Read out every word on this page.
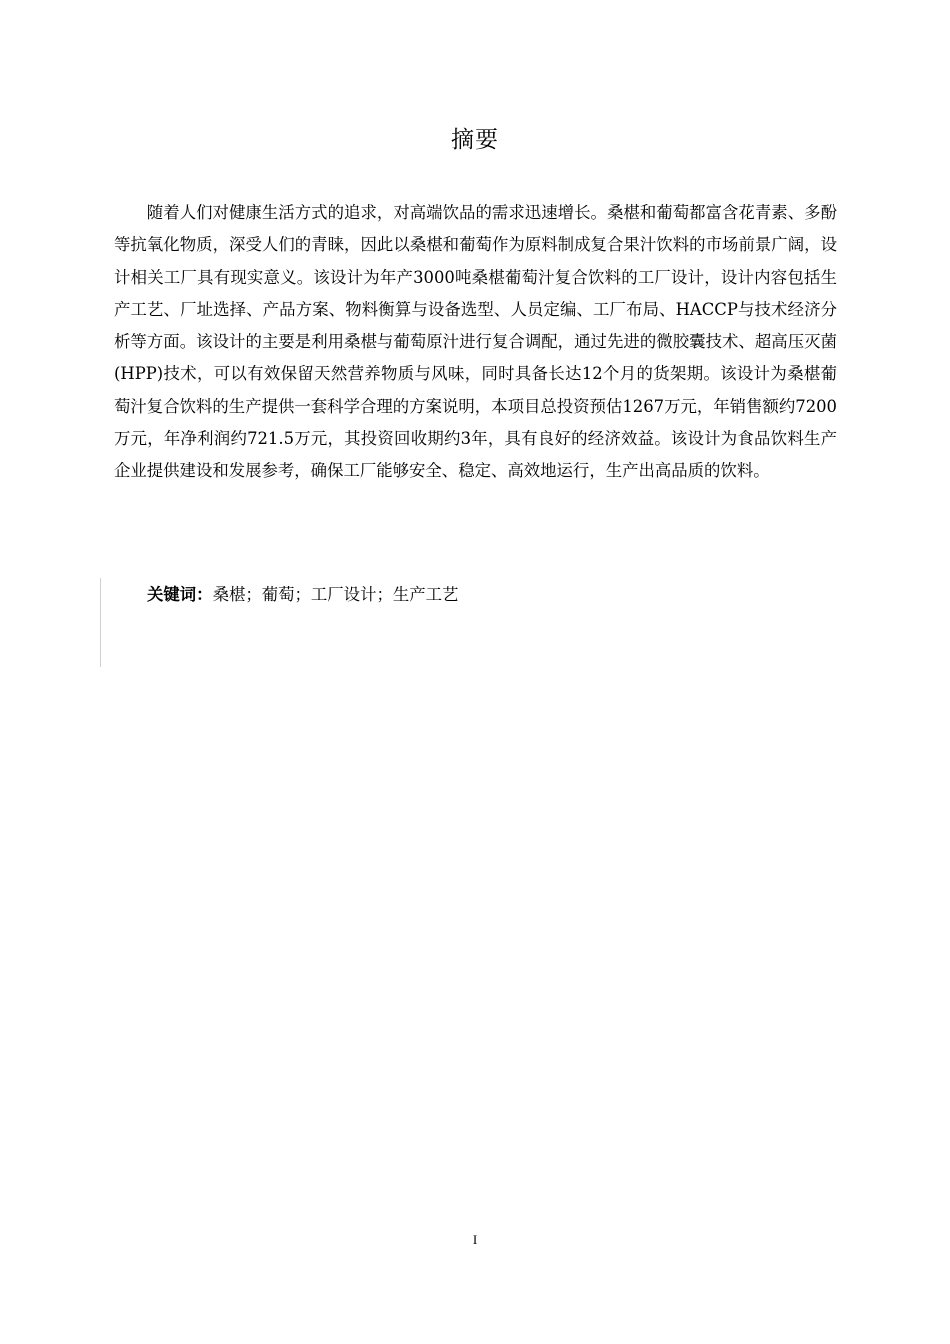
摘要

随着人们对健康生活方式的追求，对高端饮品的需求迅速增长。桑椹和葡萄都富含花青素、多酚等抗氧化物质，深受人们的青睐，因此以桑椹和葡萄作为原料制成复合果汁饮料的市场前景广阔，设计相关工厂具有现实意义。该设计为年产3000吨桑椹葡萄汁复合饮料的工厂设计，设计内容包括生产工艺、厂址选择、产品方案、物料衡算与设备选型、人员定编、工厂布局、HACCP与技术经济分析等方面。该设计的主要是利用桑椹与葡萄原汁进行复合调配，通过先进的微胶囊技术、超高压灭菌(HPP)技术，可以有效保留天然营养物质与风味，同时具备长达12个月的货架期。该设计为桑椹葡萄汁复合饮料的生产提供一套科学合理的方案说明，本项目总投资预估1267万元，年销售额约7200万元，年净利润约721.5万元，其投资回收期约3年，具有良好的经济效益。该设计为食品饮料生产企业提供建设和发展参考，确保工厂能够安全、稳定、高效地运行，生产出高品质的饮料。

关键词：桑椹；葡萄；工厂设计；生产工艺
I
